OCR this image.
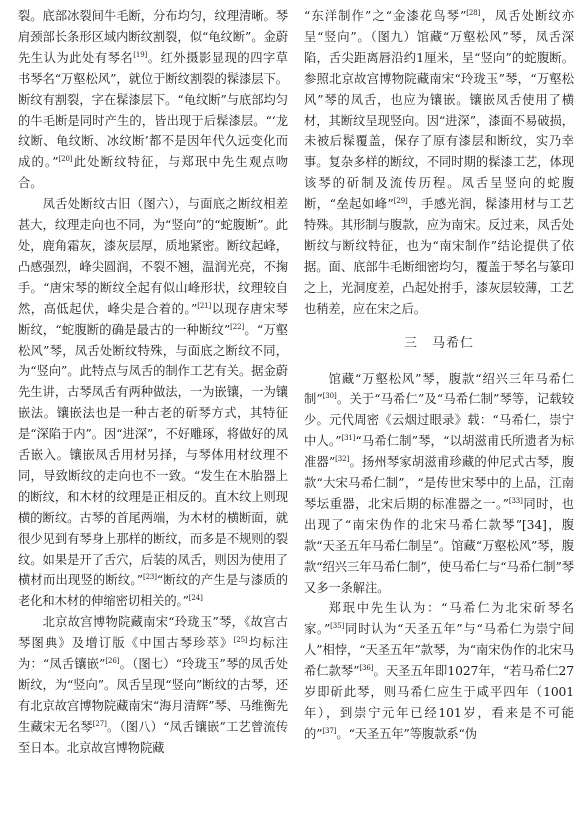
裂。底部冰裂间牛毛断，分布均匀，纹理清晰。琴肩颈部长条形区域内断纹割裂，似“龟纹断”。金蔚先生认为此处有琴名[19]。红外摄影显现的四字草书琴名“万壑松风”，就位于断纹割裂的髹漆层下。断纹有割裂，字在髹漆层下。“龟纹断”与底部均匀的牛毛断是同时产生的，皆出现于后髹漆层。“‘龙纹断、龟纹断、冰纹断’都不是因年代久远变化而成的。”[20]此处断纹特征，与郑珉中先生观点吻合。

凤舌处断纹古旧（图六），与面底之断纹相差甚大，纹理走向也不同，为“竖向”的“蛇腹断”。此处，鹿角霜灰，漆灰层厚，质地紧密。断纹起峰，凸感强烈，峰尖圆润，不裂不翘，温润光亮，不掬手。“唐宋琴的断纹全起有似山峰形状，纹理较自然，高低起伏，峰尖是合着的。”[21]以现存唐宋琴断纹，“蛇腹断的确是最古的一种断纹”[22]。“万壑松风”琴，凤舌处断纹特殊，与面底之断纹不同，为“竖向”。此特点与凤舌的制作工艺有关。据金蔚先生讲，古琴凤舌有两种做法，一为嵌镶，一为镶嵌法。镶嵌法也是一种古老的斫琴方式，其特征是“深陷于内”。因“进深”，不好雕琢，将做好的凤舌嵌入。镶嵌凤舌用材另择，与琴体用材纹理不同，导致断纹的走向也不一致。“发生在木胎器上的断纹，和木材的纹理是正相反的。直木纹上则现横的断纹。古琴的首尾两端，为木材的横断面，就很少见到有琴身上那样的断纹，而多是不规则的裂纹。如果是开了舌穴，后装的凤舌，则因为使用了横材而出现竖的断纹。”[23]“断纹的产生是与漆质的老化和木材的伸缩密切相关的。”[24]

北京故宫博物院藏南宋“玲珑玉”琴，《故宫古琴图典》及增订版《中国古琴珍萃》[25]均标注为：“凤舌镶嵌”[26]。（图七）“玲珑玉”琴的凤舌处断纹，为“竖向”。凤舌呈现“竖向”断纹的古琴，还有北京故宫博物院藏南宋“海月清辉”琴、马维衡先生藏宋无名琴[27]。（图八）“凤舌镶嵌”工艺曾流传至日本。北京故宫博物院藏

“东洋制作”之“金漆花鸟琴”[28]，凤舌处断纹亦呈“竖向”。（图九）馆藏“万壑松风”琴，凤舌深陷，舌尖距离唇沿约1厘米，呈“竖向”的蛇腹断。参照北京故宫博物院藏南宋“玲珑玉”琴，“万壑松风”琴的凤舌，也应为镶嵌。镶嵌凤舌使用了横材，其断纹呈现竖向。因“进深”，漆面不易破损，未被后髹覆盖，保存了原有漆层和断纹，实乃幸事。复杂多样的断纹，不同时期的髹漆工艺，体现该琴的斫制及流传历程。凤舌呈竖向的蛇腹断，“垒起如峰”[29]，手感光润，髹漆用材与工艺特殊。其形制与腹款，应为南宋。反过来，凤舌处断纹与断纹特征，也为“南宋制作”结论提供了依据。面、底部牛毛断细密均匀，覆盖于琴名与篆印之上，光洞度差，凸起处拊手，漆灰层较薄，工艺也稍差，应在宋之后。

三　马希仁

馆藏“万壑松风”琴，腹款“绍兴三年马希仁制”[30]。关于“马希仁”及“马希仁制”琴等，记载较少。元代周密《云烟过眼录》载：“马希仁，崇宁中人。”[31]“马希仁制”琴，“以胡滋甫氏所遗者为标准器”[32]。扬州琴家胡滋甫珍藏的仲尼式古琴，腹款“大宋马希仁制”，“是传世宋琴中的上品，江南琴坛重器，北宋后期的标准器之一。”[33]同时，也出现了“南宋伪作的北宋马希仁款琴”[34]，腹款“天圣五年马希仁制呈”。馆藏“万壑松风”琴，腹款“绍兴三年马希仁制”，使马希仁与“马希仁制”琴又多一条解注。

郑珉中先生认为：“马希仁为北宋斫琴名家。”[35]同时认为“天圣五年”与“马希仁为崇宁间人”相悖，“天圣五年”款琴，为“南宋伪作的北宋马希仁款琴”[36]。天圣五年即1027年，“若马希仁27岁即斫此琴，则马希仁应生于咸平四年（1001年），到崇宁元年已经101岁，看来是不可能的”[37]。“天圣五年”等腹款系“伪
